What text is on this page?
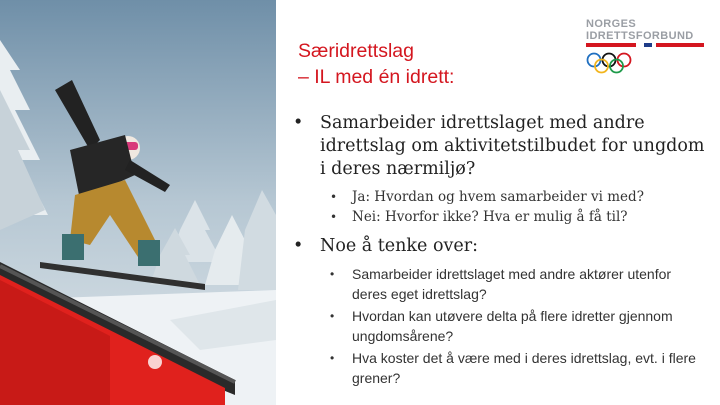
Særidrettslag
– IL med én idrett:
NORGES
IDRETTSFORBUND
• Samarbeider idrettslaget med andre idrettslag om aktivitetstilbudet for ungdom i deres nærmiljø?
• Ja: Hvordan og hvem samarbeider vi med?
• Nei: Hvorfor ikke? Hva er mulig å få til?
• Noe å tenke over:
• Samarbeider idrettslaget med andre aktører utenfor deres eget idrettslag?
• Hvordan kan utøvere delta på flere idretter gjennom ungdomsårene?
• Hva koster det å være med i deres idrettslag, evt. i flere grener?
